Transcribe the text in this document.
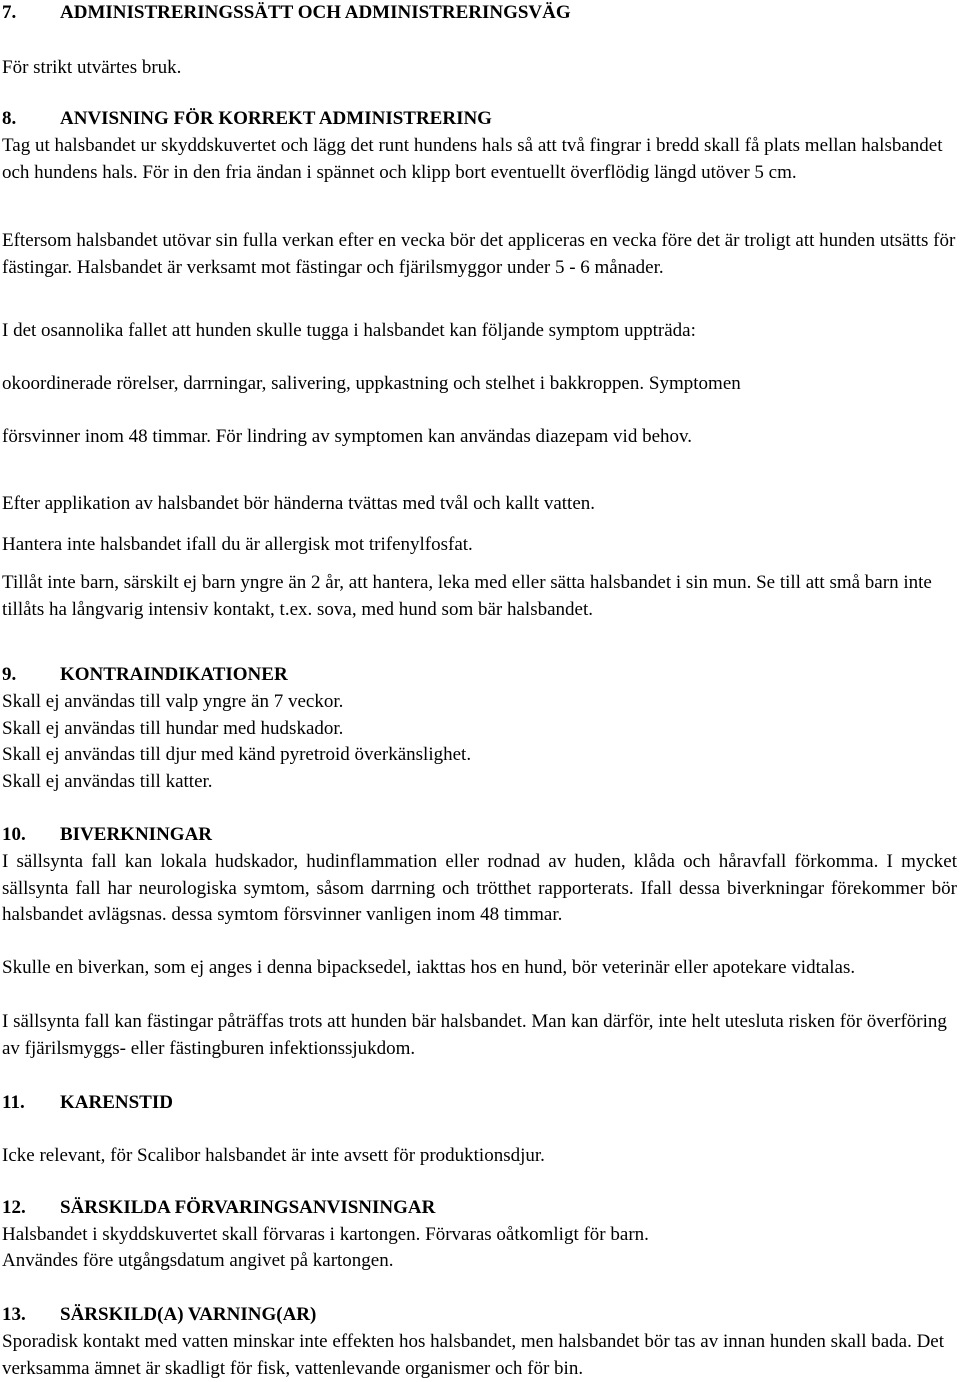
7. ADMINISTRERINGSSÄTT OCH ADMINISTRERINGSVÄG

För strikt utvärtes bruk.

8. ANVISNING FÖR KORREKT ADMINISTRERING

Tag ut halsbandet ur skyddskuvertet och lägg det runt hundens hals så att två fingrar i bredd skall få plats mellan halsbandet och hundens hals. För in den fria ändan i spännet och klipp bort eventuellt överflödig längd utöver 5 cm.

Eftersom halsbandet utövar sin fulla verkan efter en vecka bör det appliceras en vecka före det är troligt att hunden utsätts för fästingar. Halsbandet är verksamt mot fästingar och fjärilsmyggor under 5 - 6 månader.

I det osannolika fallet att hunden skulle tugga i halsbandet kan följande symptom uppträda:

okoordinerade rörelser, darrningar, salivering, uppkastning och stelhet i bakkroppen. Symptomen

försvinner inom 48 timmar. För lindring av symptomen kan användas diazepam vid behov.

Efter applikation av halsbandet bör händerna tvättas med tvål och kallt vatten.

Hantera inte halsbandet ifall du är allergisk mot trifenylfosfat.

Tillåt inte barn, särskilt ej barn yngre än 2 år, att hantera, leka med eller sätta halsbandet i sin mun. Se till att små barn inte tillåts ha långvarig intensiv kontakt, t.ex. sova, med hund som bär halsbandet.

9. KONTRAINDIKATIONER

Skall ej användas till valp yngre än 7 veckor.

Skall ej användas till hundar med hudskador.

Skall ej användas till djur med känd pyretroid överkänslighet.

Skall ej användas till katter.

10. BIVERKNINGAR

I sällsynta fall kan lokala hudskador, hudinflammation eller rodnad av huden, klåda och håravfall förkomma. I mycket sällsynta fall har neurologiska symtom, såsom darrning och trötthet rapporterats. Ifall dessa biverkningar förekommer bör halsbandet avlägsnas. dessa symtom försvinner vanligen inom 48 timmar.

Skulle en biverkan, som ej anges i denna bipacksedel, iakttas hos en hund, bör veterinär eller apotekare vidtalas.

I sällsynta fall kan fästingar påträffas trots att hunden bär halsbandet. Man kan därför, inte helt utesluta risken för överföring av fjärilsmyggs- eller fästingburen infektionssjukdom.

11. KARENSTID

Icke relevant, för Scalibor halsbandet är inte avsett för produktionsdjur.

12. SÄRSKILDA FÖRVARINGSANVISNINGAR

Halsbandet i skyddskuvertet skall förvaras i kartongen. Förvaras oåtkomligt för barn.

Användes före utgångsdatum angivet på kartongen.

13. SÄRSKILD(A) VARNING(AR)

Sporadisk kontakt med vatten minskar inte effekten hos halsbandet, men halsbandet bör tas av innan hunden skall bada. Det verksamma ämnet är skadligt för fisk, vattenlevande organismer och för bin.
